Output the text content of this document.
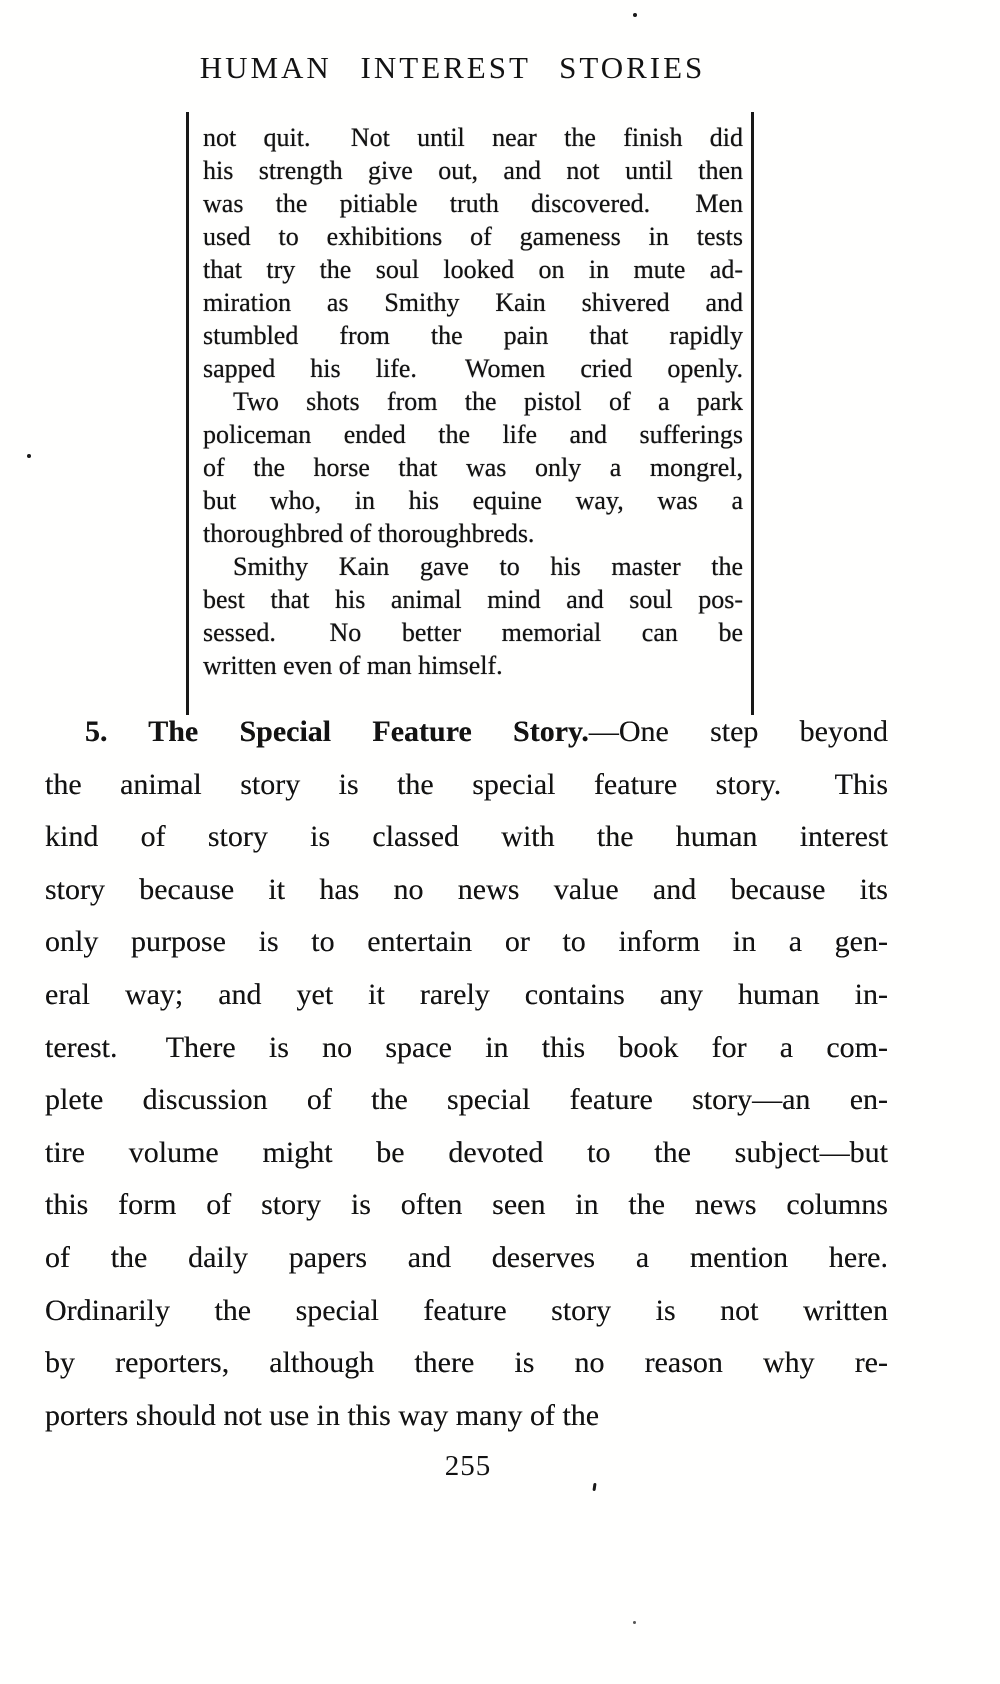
HUMAN INTEREST STORIES
not quit.  Not until near the finish did
his strength give out, and not until then
was the pitiable truth discovered.  Men
used to exhibitions of gameness in tests
that try the soul looked on in mute ad-
miration as Smithy Kain shivered and
stumbled from the pain that rapidly
sapped his life.  Women cried openly.
Two shots from the pistol of a park
policeman ended the life and sufferings
of the horse that was only a mongrel,
but who, in his equine way, was a
thoroughbred of thoroughbreds.
Smithy Kain gave to his master the
best that his animal mind and soul pos-
sessed.  No better memorial can be
written even of man himself.
5. The Special Feature Story.—One step beyond
the animal story is the special feature story.  This
kind of story is classed with the human interest
story because it has no news value and because its
only purpose is to entertain or to inform in a gen-
eral way; and yet it rarely contains any human in-
terest.  There is no space in this book for a com-
plete discussion of the special feature story—an en-
tire volume might be devoted to the subject—but
this form of story is often seen in the news columns
of the daily papers and deserves a mention here.
Ordinarily the special feature story is not written
by reporters, although there is no reason why re-
porters should not use in this way many of the
255
